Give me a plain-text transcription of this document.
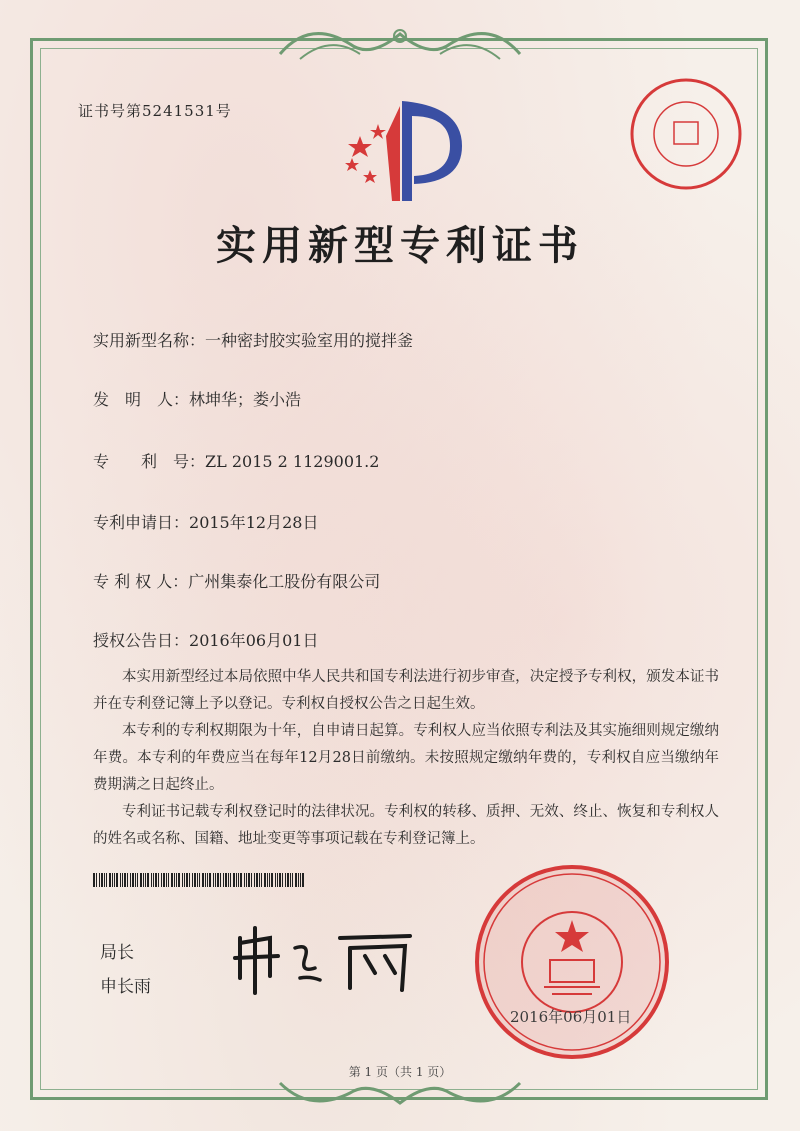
证书号第5241531号
实用新型专利证书
实用新型名称：一种密封胶实验室用的搅拌釜
发　明　人：林坤华；娄小浩
专　　利　号：ZL 2015 2 1129001.2
专利申请日：2015年12月28日
专 利 权 人：广州集泰化工股份有限公司
授权公告日：2016年06月01日
本实用新型经过本局依照中华人民共和国专利法进行初步审查，决定授予专利权，颁发本证书并在专利登记簿上予以登记。专利权自授权公告之日起生效。
本专利的专利权期限为十年，自申请日起算。专利权人应当依照专利法及其实施细则规定缴纳年费。本专利的年费应当在每年12月28日前缴纳。未按照规定缴纳年费的，专利权自应当缴纳年费期满之日起终止。
专利证书记载专利权登记时的法律状况。专利权的转移、质押、无效、终止、恢复和专利权人的姓名或名称、国籍、地址变更等事项记载在专利登记簿上。
局长
申长雨
2016年06月01日
第 1 页（共 1 页）
